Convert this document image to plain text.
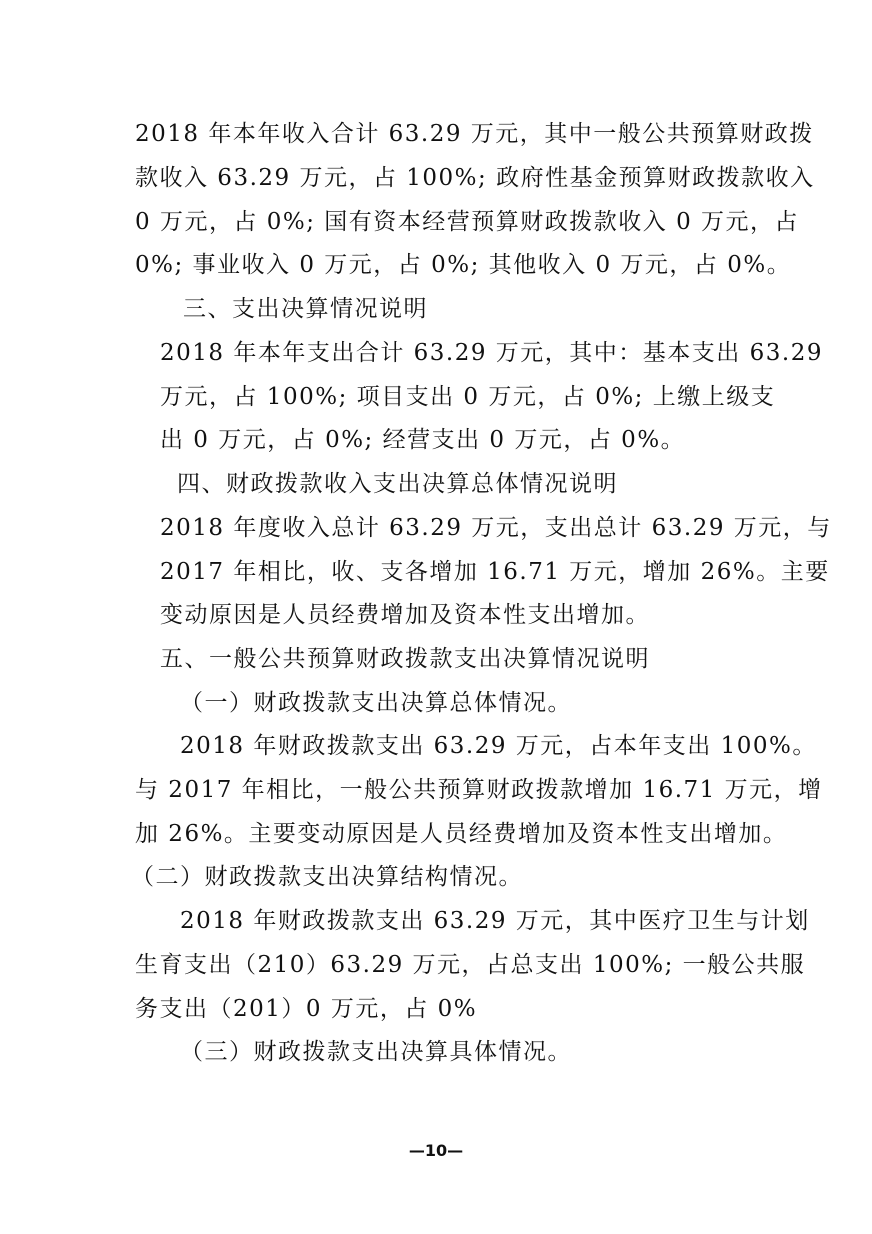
2018 年本年收入合计 63.29 万元，其中一般公共预算财政拨
款收入 63.29 万元，占 100%; 政府性基金预算财政拨款收入
0 万元，占 0%; 国有资本经营预算财政拨款收入 0 万元，占
0%; 事业收入 0 万元，占 0%; 其他收入 0 万元，占 0%。
三、支出决算情况说明
2018 年本年支出合计 63.29 万元，其中：基本支出 63.29
万元，占 100%; 项目支出 0 万元，占 0%; 上缴上级支
出 0 万元，占 0%; 经营支出 0 万元，占 0%。
四、财政拨款收入支出决算总体情况说明
2018 年度收入总计 63.29 万元，支出总计 63.29 万元，与
2017 年相比，收、支各增加 16.71 万元，增加 26%。主要
变动原因是人员经费增加及资本性支出增加。
五、一般公共预算财政拨款支出决算情况说明
（一）财政拨款支出决算总体情况。
2018 年财政拨款支出 63.29 万元，占本年支出 100%。
与 2017 年相比，一般公共预算财政拨款增加 16.71 万元，增
加 26%。主要变动原因是人员经费增加及资本性支出增加。
（二）财政拨款支出决算结构情况。
2018 年财政拨款支出 63.29 万元，其中医疗卫生与计划
生育支出（210）63.29 万元，占总支出 100%; 一般公共服
务支出（201）0 万元，占 0%
（三）财政拨款支出决算具体情况。
—10—
